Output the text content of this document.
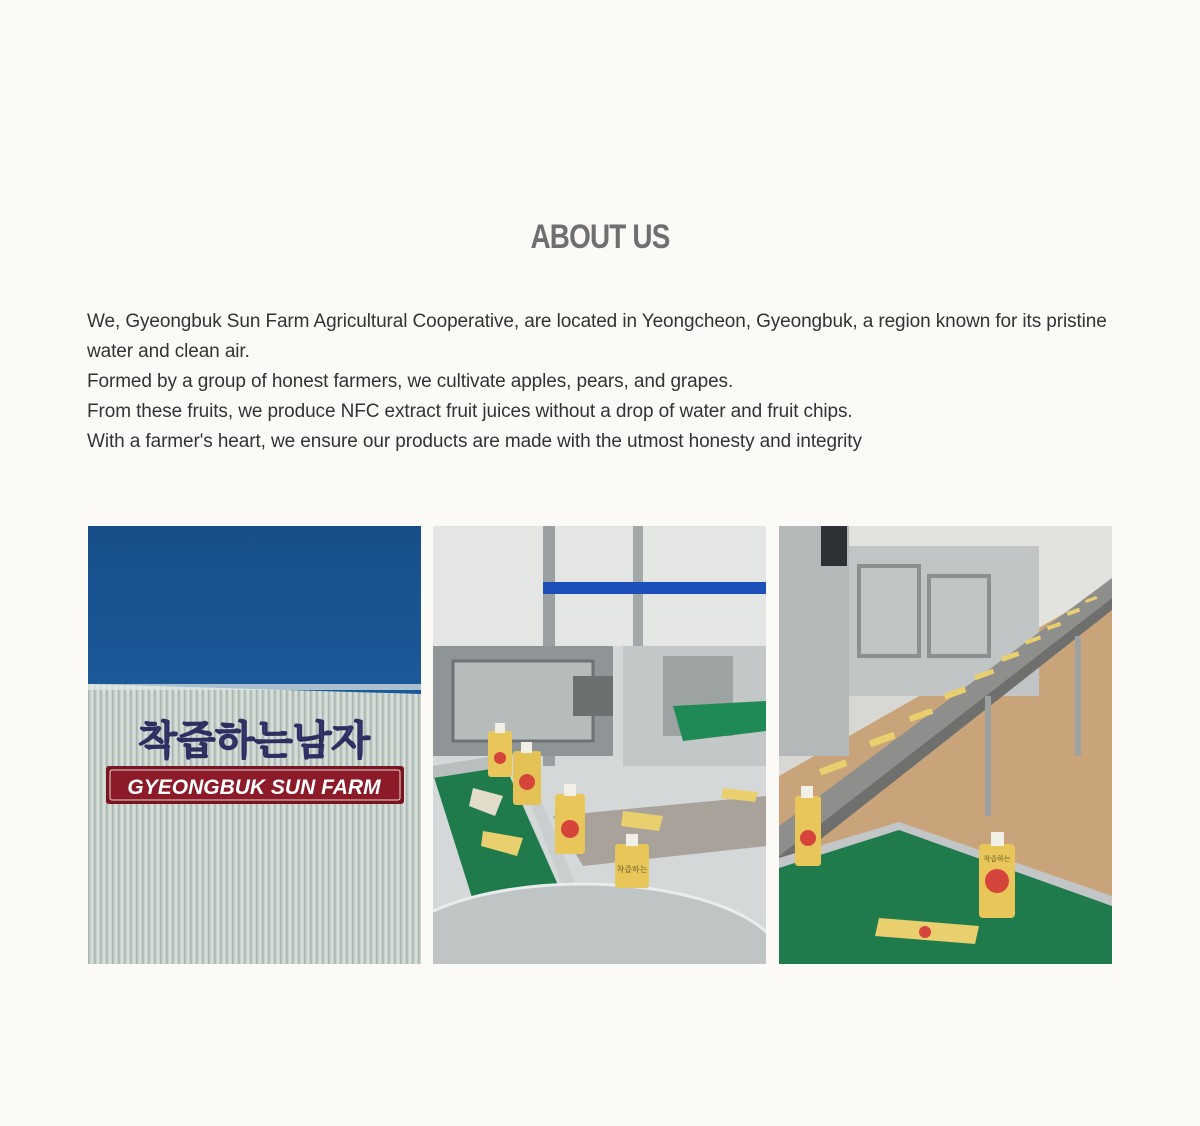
ABOUT US

We, Gyeongbuk Sun Farm Agricultural Cooperative, are located in Yeongcheon, Gyeongbuk, a region known for its pristine water and clean air.

Formed by a group of honest farmers, we cultivate apples, pears, and grapes.

From these fruits, we produce NFC extract fruit juices without a drop of water and fruit chips.

With a farmer's heart, we ensure our products are made with the utmost honesty and integrity

착즙하는남자
GYEONGBUK SUN FARM
착즙하는
착즙하는
